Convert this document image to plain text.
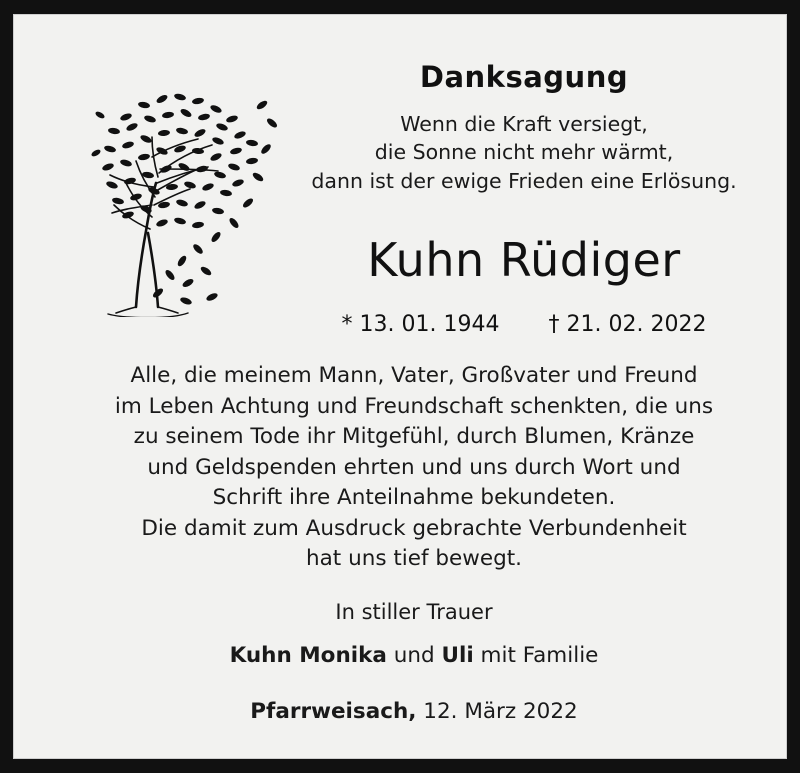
Danksagung
Wenn die Kraft versiegt,
die Sonne nicht mehr wärmt,
dann ist der ewige Frieden eine Erlösung.
Kuhn Rüdiger
* 13. 01. 1944 † 21. 02. 2022
Alle, die meinem Mann, Vater, Großvater und Freund
im Leben Achtung und Freundschaft schenkten, die uns
zu seinem Tode ihr Mitgefühl, durch Blumen, Kränze
und Geldspenden ehrten und uns durch Wort und
Schrift ihre Anteilnahme bekundeten.
Die damit zum Ausdruck gebrachte Verbundenheit
hat uns tief bewegt.
In stiller Trauer
Kuhn Monika und Uli mit Familie
Pfarrweisach, 12. März 2022
